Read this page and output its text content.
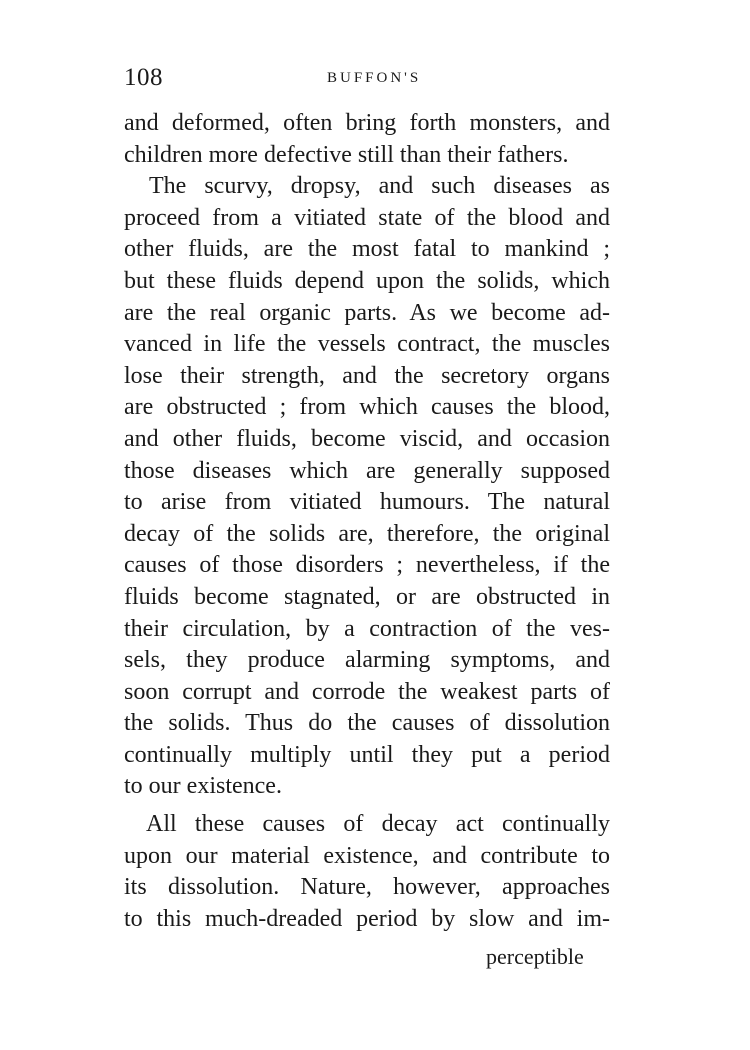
108	BUFFON'S
and deformed, often bring forth monsters, and
children more defective still than their fathers.
The scurvy, dropsy, and such diseases as
proceed from a vitiated state of the blood and
other fluids, are the most fatal to mankind ;
but these fluids depend upon the solids, which
are the real organic parts. As we become ad-
vanced in life the vessels contract, the muscles
lose their strength, and the secretory organs
are obstructed ; from which causes the blood,
and other fluids, become viscid, and occasion
those diseases which are generally supposed
to arise from vitiated humours. The natural
decay of the solids are, therefore, the original
causes of those disorders ; nevertheless, if the
fluids become stagnated, or are obstructed in
their circulation, by a contraction of the ves-
sels, they produce alarming symptoms, and
soon corrupt and corrode the weakest parts of
the solids. Thus do the causes of dissolution
continually multiply until they put a period
to our existence.
All these causes of decay act continually
upon our material existence, and contribute to
its dissolution. Nature, however, approaches
to this much-dreaded period by slow and im-
perceptible
